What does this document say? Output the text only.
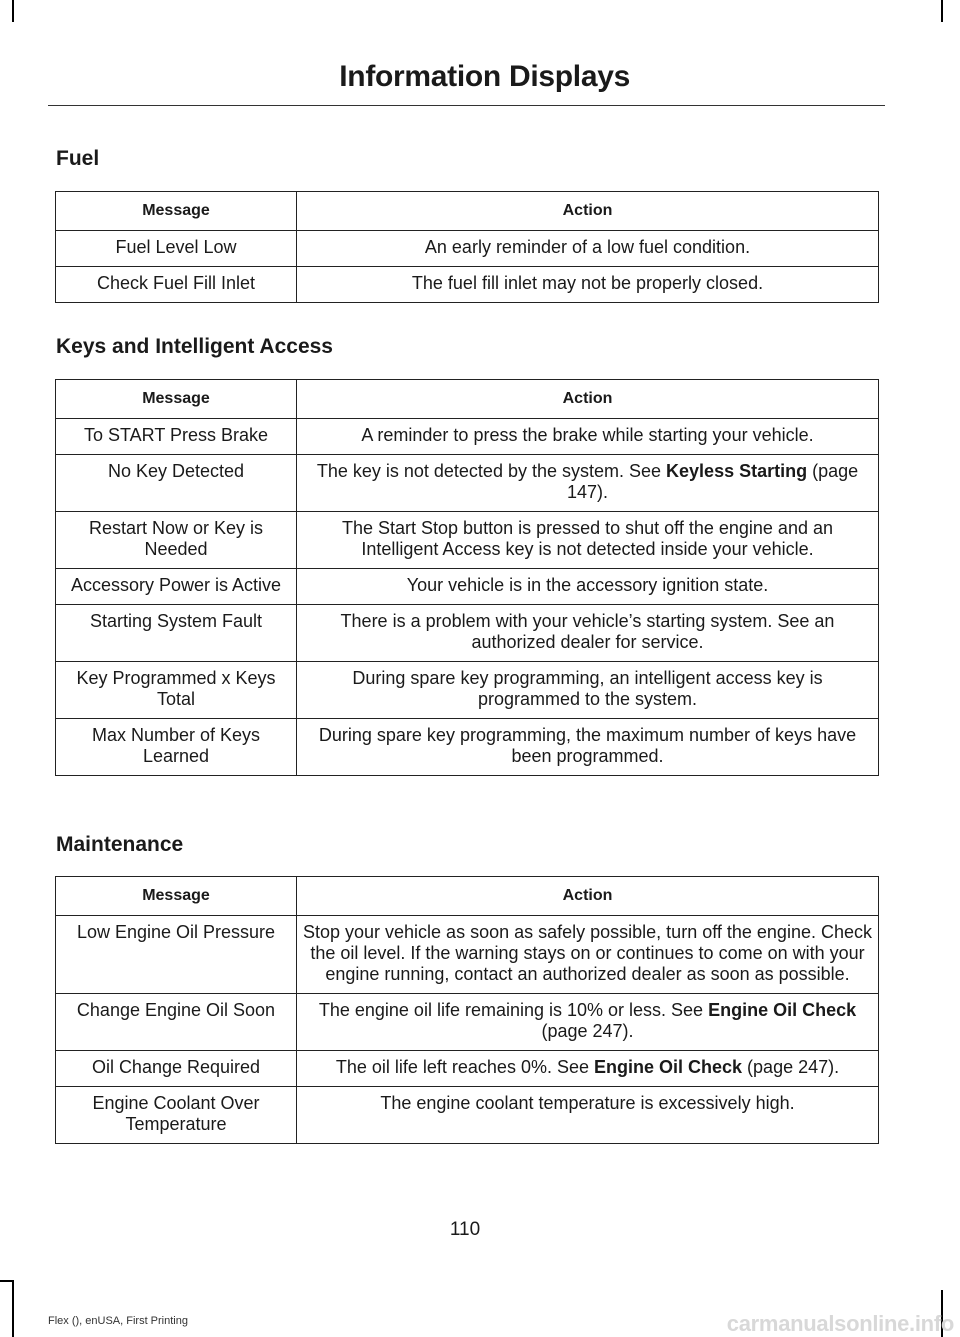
Information Displays
Fuel
Message	Action
Fuel Level Low	An early reminder of a low fuel condition.
Check Fuel Fill Inlet	The fuel fill inlet may not be properly closed.
Keys and Intelligent Access
Message	Action
To START Press Brake	A reminder to press the brake while starting your vehicle.
No Key Detected	The key is not detected by the system. See Keyless Starting (page 147).
Restart Now or Key is Needed	The Start Stop button is pressed to shut off the engine and an Intelligent Access key is not detected inside your vehicle.
Accessory Power is Active	Your vehicle is in the accessory ignition state.
Starting System Fault	There is a problem with your vehicle’s starting system. See an authorized dealer for service.
Key Programmed x Keys Total	During spare key programming, an intelligent access key is programmed to the system.
Max Number of Keys Learned	During spare key programming, the maximum number of keys have been programmed.
Maintenance
Message	Action
Low Engine Oil Pressure	Stop your vehicle as soon as safely possible, turn off the engine. Check the oil level. If the warning stays on or continues to come on with your engine running, contact an authorized dealer as soon as possible.
Change Engine Oil Soon	The engine oil life remaining is 10% or less. See Engine Oil Check (page 247).
Oil Change Required	The oil life left reaches 0%. See Engine Oil Check (page 247).
Engine Coolant Over Temperature	The engine coolant temperature is excessively high.
110
Flex (), enUSA, First Printing	carmanualsonline.info
